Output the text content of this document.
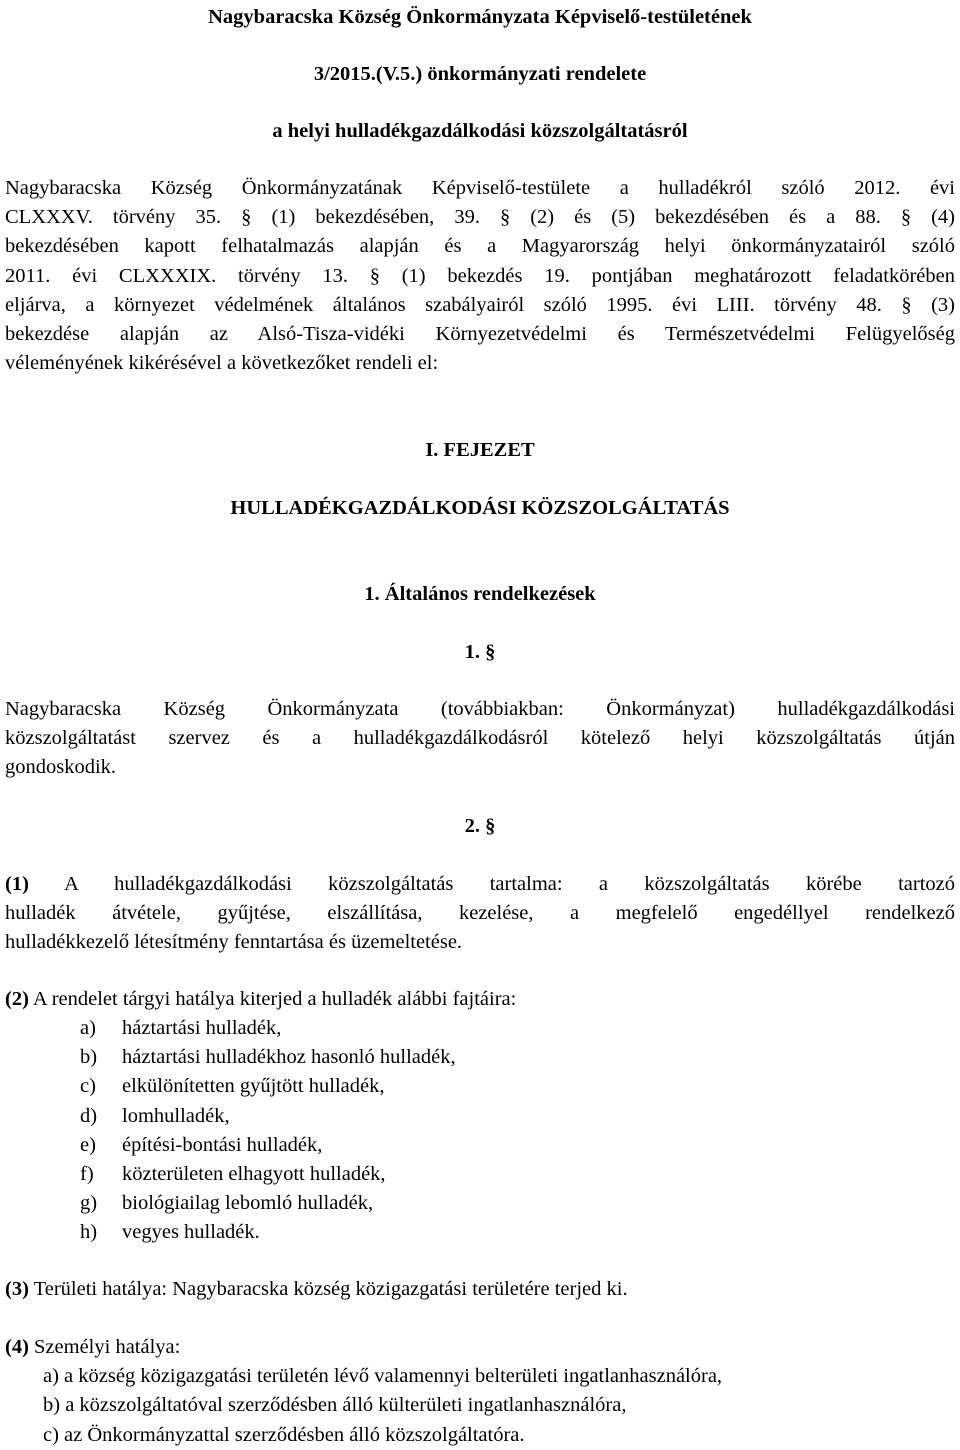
Nagybaracska Község Önkormányzata Képviselő-testületének
3/2015.(V.5.) önkormányzati rendelete
a helyi hulladékgazdálkodási közszolgáltatásról
Nagybaracska Község Önkormányzatának Képviselő-testülete a hulladékról szóló 2012. évi
CLXXXV. törvény 35. § (1) bekezdésében, 39. § (2) és (5) bekezdésében és a 88. § (4)
bekezdésében kapott felhatalmazás alapján és a Magyarország helyi önkormányzatairól szóló
2011. évi CLXXXIX. törvény 13. § (1) bekezdés 19. pontjában meghatározott feladatkörében
eljárva, a környezet védelmének általános szabályairól szóló 1995. évi LIII. törvény 48. § (3)
bekezdése alapján az Alsó-Tisza-vidéki Környezetvédelmi és Természetvédelmi Felügyelőség
véleményének kikérésével a következőket rendeli el:
I. FEJEZET
HULLADÉKGAZDÁLKODÁSI KÖZSZOLGÁLTATÁS
1. Általános rendelkezések
1. §
Nagybaracska Község Önkormányzata (továbbiakban: Önkormányzat) hulladékgazdálkodási
közszolgáltatást szervez és a hulladékgazdálkodásról kötelező helyi közszolgáltatás útján
gondoskodik.
2. §
(1) A hulladékgazdálkodási közszolgáltatás tartalma: a közszolgáltatás körébe tartozó
hulladék átvétele, gyűjtése, elszállítása, kezelése, a megfelelő engedéllyel rendelkező
hulladékkezelő létesítmény fenntartása és üzemeltetése.
(2) A rendelet tárgyi hatálya kiterjed a hulladék alábbi fajtáira:
a) háztartási hulladék,
b) háztartási hulladékhoz hasonló hulladék,
c) elkülönítetten gyűjtött hulladék,
d) lomhulladék,
e) építési-bontási hulladék,
f) közterületen elhagyott hulladék,
g) biológiailag lebomló hulladék,
h) vegyes hulladék.
(3) Területi hatálya: Nagybaracska község közigazgatási területére terjed ki.
(4) Személyi hatálya:
a) a község közigazgatási területén lévő valamennyi belterületi ingatlanhasználóra,
b) a közszolgáltatóval szerződésben álló külterületi ingatlanhasználóra,
c) az Önkormányzattal szerződésben álló közszolgáltatóra.
